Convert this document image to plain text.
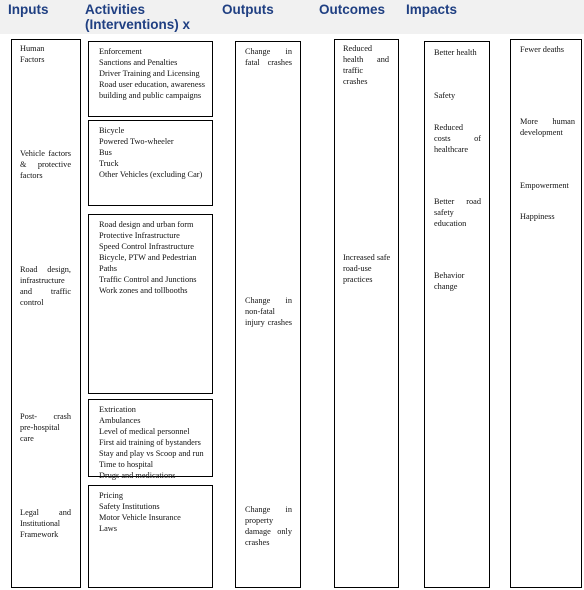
Inputs	Activities
(Interventions) x
Outputs	Outcomes Impacts
Human Factors
Vehicle factors & protective factors
Road design, infrastructure and traffic control
Post- crash pre-hospital care
Legal and Institutional Framework
Enforcement
Sanctions and Penalties
Driver Training and Licensing
Road user education, awareness building and public campaigns
Bicycle
Powered Two-wheeler
Bus
Truck
Other Vehicles (excluding Car)
Road design and urban form
Protective Infrastructure
Speed Control Infrastructure
Bicycle, PTW and Pedestrian Paths
Traffic Control and Junctions
Work zones and tollbooths
Extrication
Ambulances
Level of medical personnel
First aid training of bystanders
Stay and play vs Scoop and run
Time to hospital
Drugs and medications
Pricing
Safety Institutions
Motor Vehicle Insurance
Laws
Change in fatal crashes
Change in non-fatal injury crashes
Change in property damage only crashes
Reduced health and traffic crashes
Increased safe road-use practices
Better health
Safety
Reduced costs of healthcare
Better road safety education
Behavior change
Fewer deaths
More human development
Empowerment
Happiness
